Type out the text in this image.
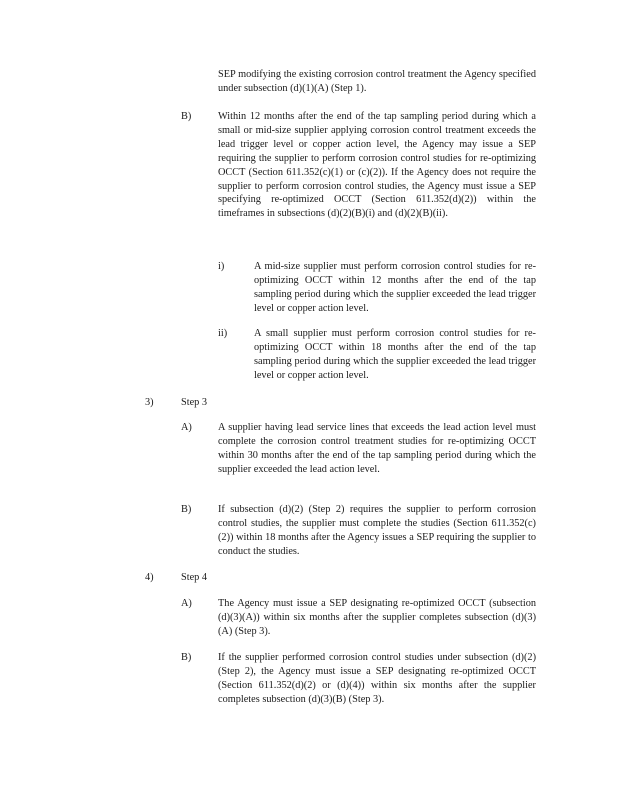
SEP modifying the existing corrosion control treatment the Agency specified under subsection (d)(1)(A) (Step 1).

B)	Within 12 months after the end of the tap sampling period during which a small or mid-size supplier applying corrosion control treatment exceeds the lead trigger level or copper action level, the Agency may issue a SEP requiring the supplier to perform corrosion control studies for re-optimizing OCCT (Section 611.352(c)(1) or (c)(2)). If the Agency does not require the supplier to perform corrosion control studies, the Agency must issue a SEP specifying re-optimized OCCT (Section 611.352(d)(2)) within the timeframes in subsections (d)(2)(B)(i) and (d)(2)(B)(ii).

i)	A mid-size supplier must perform corrosion control studies for re-optimizing OCCT within 12 months after the end of the tap sampling period during which the supplier exceeded the lead trigger level or copper action level.

ii)	A small supplier must perform corrosion control studies for re-optimizing OCCT within 18 months after the end of the tap sampling period during which the supplier exceeded the lead trigger level or copper action level.

3)	Step 3
A)	A supplier having lead service lines that exceeds the lead action level must complete the corrosion control treatment studies for re-optimizing OCCT within 30 months after the end of the tap sampling period during which the supplier exceeded the lead action level.

B)	If subsection (d)(2) (Step 2) requires the supplier to perform corrosion control studies, the supplier must complete the studies (Section 611.352(c)(2)) within 18 months after the Agency issues a SEP requiring the supplier to conduct the studies.

4)	Step 4
A)	The Agency must issue a SEP designating re-optimized OCCT (subsection (d)(3)(A)) within six months after the supplier completes subsection (d)(3)(A) (Step 3).

B)	If the supplier performed corrosion control studies under subsection (d)(2) (Step 2), the Agency must issue a SEP designating re-optimized OCCT (Section 611.352(d)(2) or (d)(4)) within six months after the supplier completes subsection (d)(3)(B) (Step 3).
